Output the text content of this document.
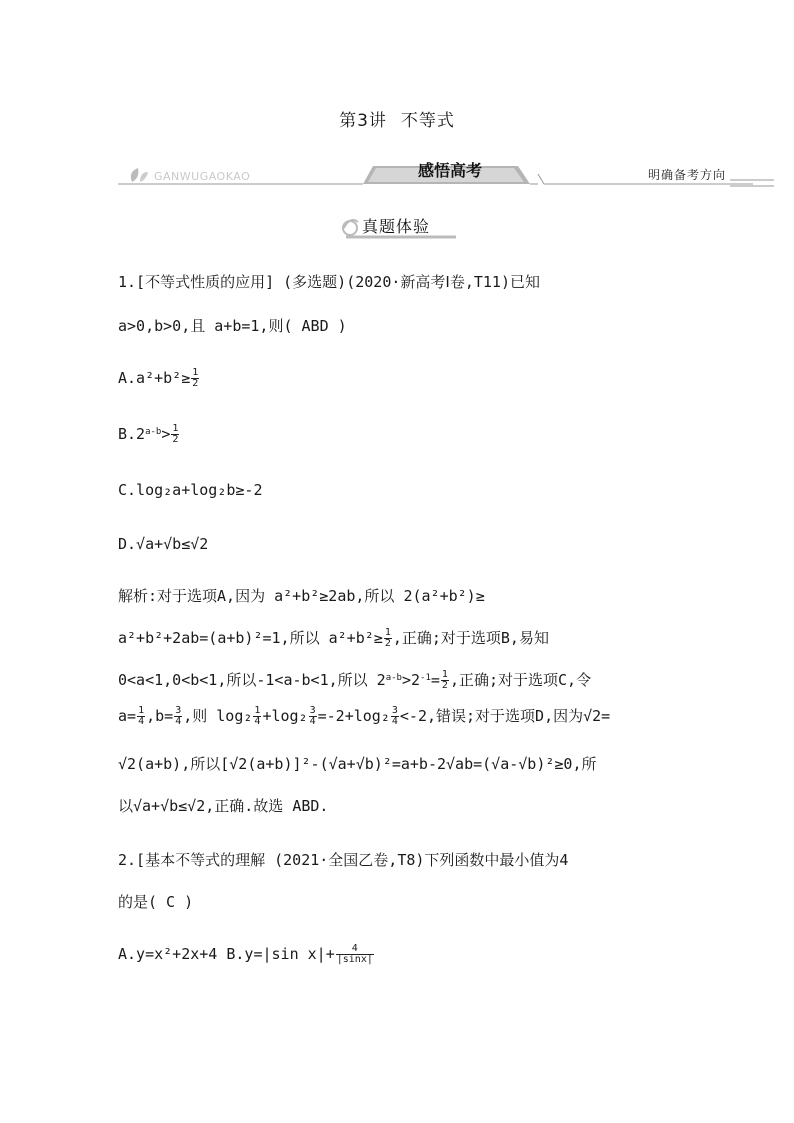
第3讲 不等式
GANWUGAOKAO	感悟高考	明确备考方向
真题体验
1.[不等式性质的应用] (多选题)(2020·新高考Ⅰ卷,T11)已知
a>0,b>0,且 a+b=1,则( ABD )
$A.a^2+b^2\ge \frac{1}{2}$
$B.2^{a-b}> \frac{1}{2}$
C.log₂a+log₂b≥-2
D.√a+√b≤√2
解析:对于选项A,因为 a²+b²≥2ab,所以 2(a²+b²)≥
a²+b²+2ab=(a+b)²=1,所以 $a^2+b^2\ge \frac{1}{2}$ ,正确;对于选项B,易知
0<a<1,0<b<1,所以-1<a-b<1,所以 $2^{a-b}>2^{-1}= \frac{1}{2}$ ,正确;对于选项C,令
$a= \frac{1}{4} ,b= \frac{3}{4}$ ,则 $\log_2 \frac{1}{4} +\log_2 \frac{3}{4} =-2+\log_2 \frac{3}{4} <-2$,错误;对于选项D,因为√2=
√2(a+b),所以[√2(a+b)]²-(√a+√b)²=a+b-2√ab=(√a-√b)²≥0,所
以√a+√b≤√2,正确.故选 ABD.
2.[基本不等式的理解 (2021·全国乙卷,T8)下列函数中最小值为4
的是( C )
A.y=x²+2x+4 B.y=|sin $x|+ \frac{4}{|\sin x|}$
